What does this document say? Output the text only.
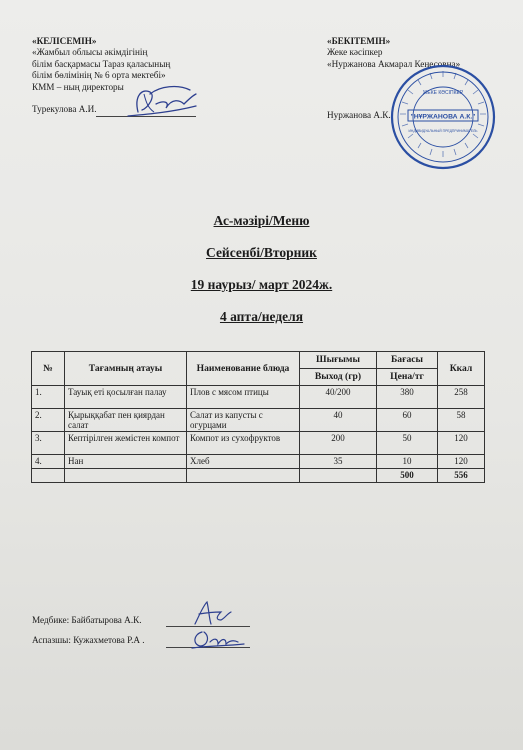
«КЕЛІСЕМІН»
«Жамбыл облысы әкімдігінің
білім басқармасы Тараз қаласының
білім бөлімінің № 6 орта мектебі»
КММ – ның директоры
Турекулова А.И.
«БЕКІТЕМІН»
Жеке кәсіпкер
«Нуржанова Акмарал Кенесовна»
Нуржанова А.К.
ЖЕКЕ КӘСІПКЕР
"НҰРЖАНОВА А.К."
ИНДИВИДУАЛЬНЫЙ ПРЕДПРИНИМАТЕЛЬ
Ас-мәзірі/Меню
Сейсенбі/Вторник
19 наурыз/ март 2024ж.
4 апта/неделя
№	Тағамның атауы	Наименование блюда	Шығымы	Бағасы	Ккал
			Выход (гр)	Цена/тг	
1.	Тауық еті қосылған палау	Плов с мясом птицы	40/200	380	258
2.	Қырыққабат пен қиярдан салат	Салат из капусты с огурцами	40	60	58
3.	Кептірілген жемістен компот	Компот из сухофруктов	200	50	120
4.	Нан	Хлеб	35	10	120
				500	556
Медбике: Байбатырова А.К.
Аспазшы: Кужахметова Р.А .
